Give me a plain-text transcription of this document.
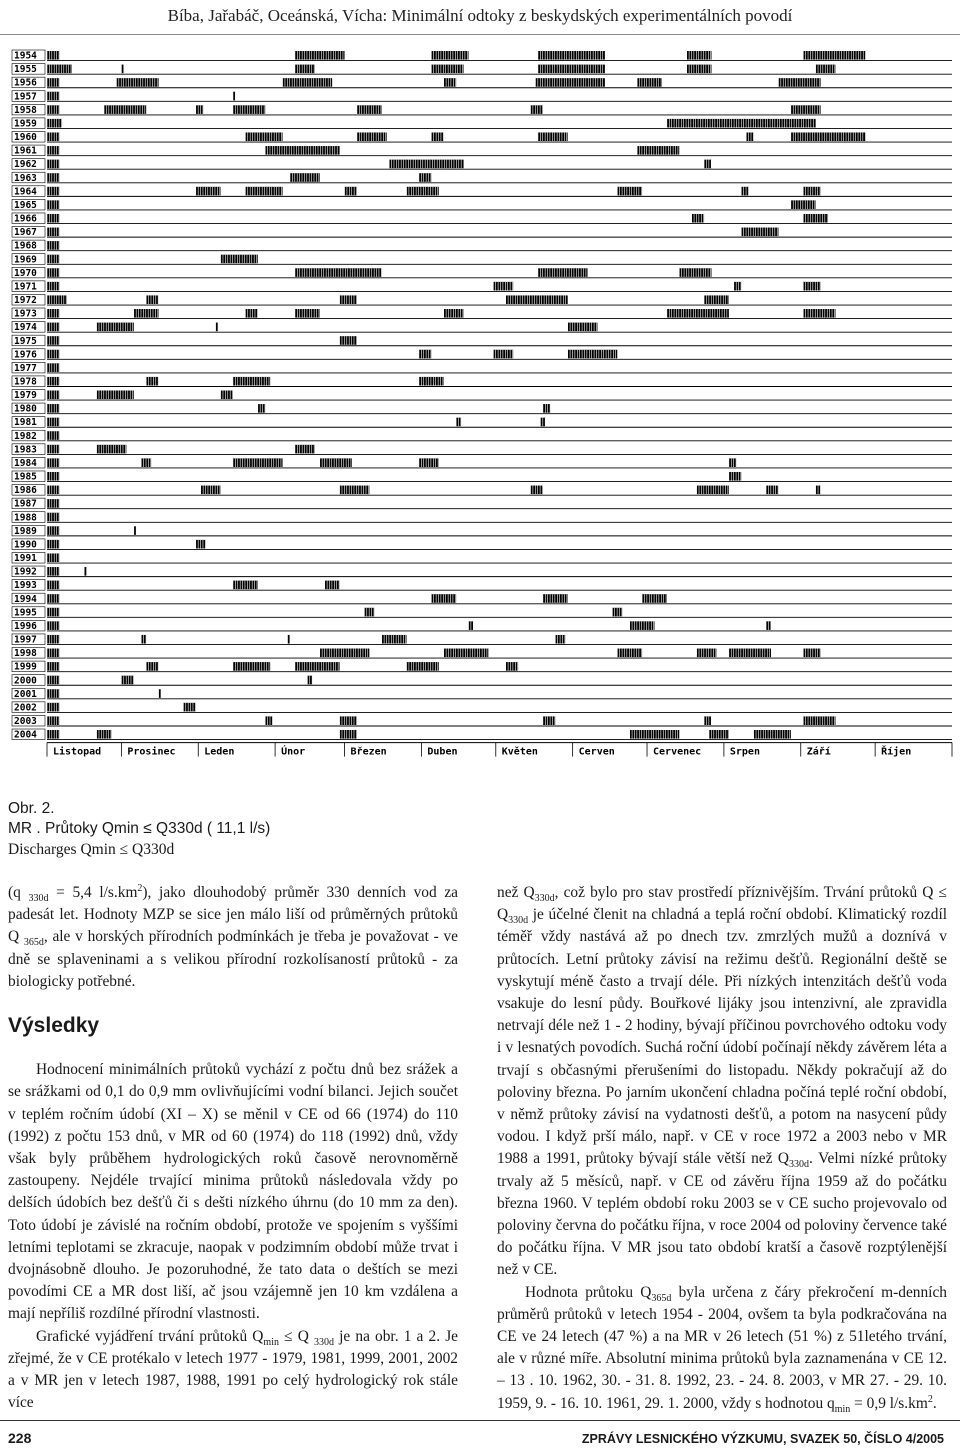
Bíba, Jařabáč, Oceánská, Vícha: Minimální odtoky z beskydských experimentálních povodí
1954
1955
1956
1957
1958
1959
1960
1961
1962
1963
1964
1965
1966
1967
1968
1969
1970
1971
1972
1973
1974
1975
1976
1977
1978
1979
1980
1981
1982
1983
1984
1985
1986
1987
1988
1989
1990
1991
1992
1993
1994
1995
1996
1997
1998
1999
2000
2001
2002
2003
2004
Listopad	Prosinec	Leden	Únor	Březen	Duben	Květen	Cerven	Cervenec	Srpen	Září	Říjen
Obr. 2.
MR . Průtoky Qmin ≤ Q330d ( 11,1 l/s)
Discharges Qmin ≤ Q330d

(q $_{330d}$ = 5,4 $l/s.km^2$), jako dlouhodobý průměr 330 denních vod za padesát let. Hodnoty MZP se sice jen málo liší od průměrných průtoků Q $_{365d}$, ale v horských přírodních podmínkách je třeba je považovat - ve dně se splaveninami a s velikou přírodní rozkolísaností průtoků - za biologicky potřebné.

Výsledky

Hodnocení minimálních průtoků vychází z počtu dnů bez srážek a se srážkami od 0,1 do 0,9 mm ovlivňujícími vodní bilanci. Jejich součet v teplém ročním údobí (XI – X) se měnil v CE od 66 (1974) do 110 (1992) z počtu 153 dnů, v MR od 60 (1974) do 118 (1992) dnů, vždy však byly průběhem hydrologických roků časově nerovnoměrně zastoupeny. Nejdéle trvající minima průtoků následovala vždy po delších údobích bez dešťů či s dešti nízkého úhrnu (do 10 mm za den). Toto údobí je závislé na ročním období, protože ve spojením s vyššími letními teplotami se zkracuje, naopak v podzimním období může trvat i dvojnásobně dlouho. Je pozoruhodné, že tato data o deštích se mezi povodími CE a MR dost liší, ač jsou vzájemně jen 10 km vzdálena a mají nepříliš rozdílné přírodní vlastnosti.

Grafické vyjádření trvání průtoků $Q_{min} \le Q$ $_{330d}$ je na obr. 1 a 2. Je zřejmé, že v CE protékalo v letech 1977 - 1979, 1981, 1999, 2001, 2002 a v MR jen v letech 1987, 1988, 1991 po celý hydrologický rok stále více

než $Q_{330d}$, což bylo pro stav prostředí příznivějším. Trvání průtoků $Q \le Q_{330d}$ je účelné členit na chladná a teplá roční období. Klimatický rozdíl téměř vždy nastává až po dnech tzv. zmrzlých mužů a doznívá v průtocích. Letní průtoky závisí na režimu dešťů. Regionální deště se vyskytují méně často a trvají déle. Při nízkých intenzitách dešťů voda vsakuje do lesní půdy. Bouřkové lijáky jsou intenzivní, ale zpravidla netrvají déle než 1 - 2 hodiny, bývají příčinou povrchového odtoku vody i v lesnatých povodích. Suchá roční údobí počínají někdy závěrem léta a trvají s občasnými přerušeními do listopadu. Někdy pokračují až do poloviny března. Po jarním ukončení chladna počíná teplé roční období, v němž průtoky závisí na vydatnosti dešťů, a potom na nasycení půdy vodou. I když prší málo, např. v CE v roce 1972 a 2003 nebo v MR 1988 a 1991, průtoky bývají stále větší než $Q_{330d}$. Velmi nízké průtoky trvaly až 5 měsíců, např. v CE od závěru října 1959 až do počátku března 1960. V teplém období roku 2003 se v CE sucho projevovalo od poloviny června do počátku října, v roce 2004 od poloviny července také do počátku října. V MR jsou tato období kratší a časově rozptýlenější než v CE.

Hodnota průtoku $Q_{365d}$ byla určena z čáry překročení m-denních průměrů průtoků v letech 1954 - 2004, ovšem ta byla podkračována na CE ve 24 letech (47 %) a na MR v 26 letech (51 %) z 51letého trvání, ale v různé míře. Absolutní minima průtoků byla zaznamenána v CE 12. – 13 . 10. 1962, 30. - 31. 8. 1992, 23. - 24. 8. 2003, v MR 27. - 29. 10. 1959, 9. - 16. 10. 1961, 29. 1. 2000, vždy s hodnotou $q_{min} = 0,9$ $l/s.km^2$.

228	ZPRÁVY LESNICKÉHO VÝZKUMU, SVAZEK 50, ČÍSLO 4/2005
